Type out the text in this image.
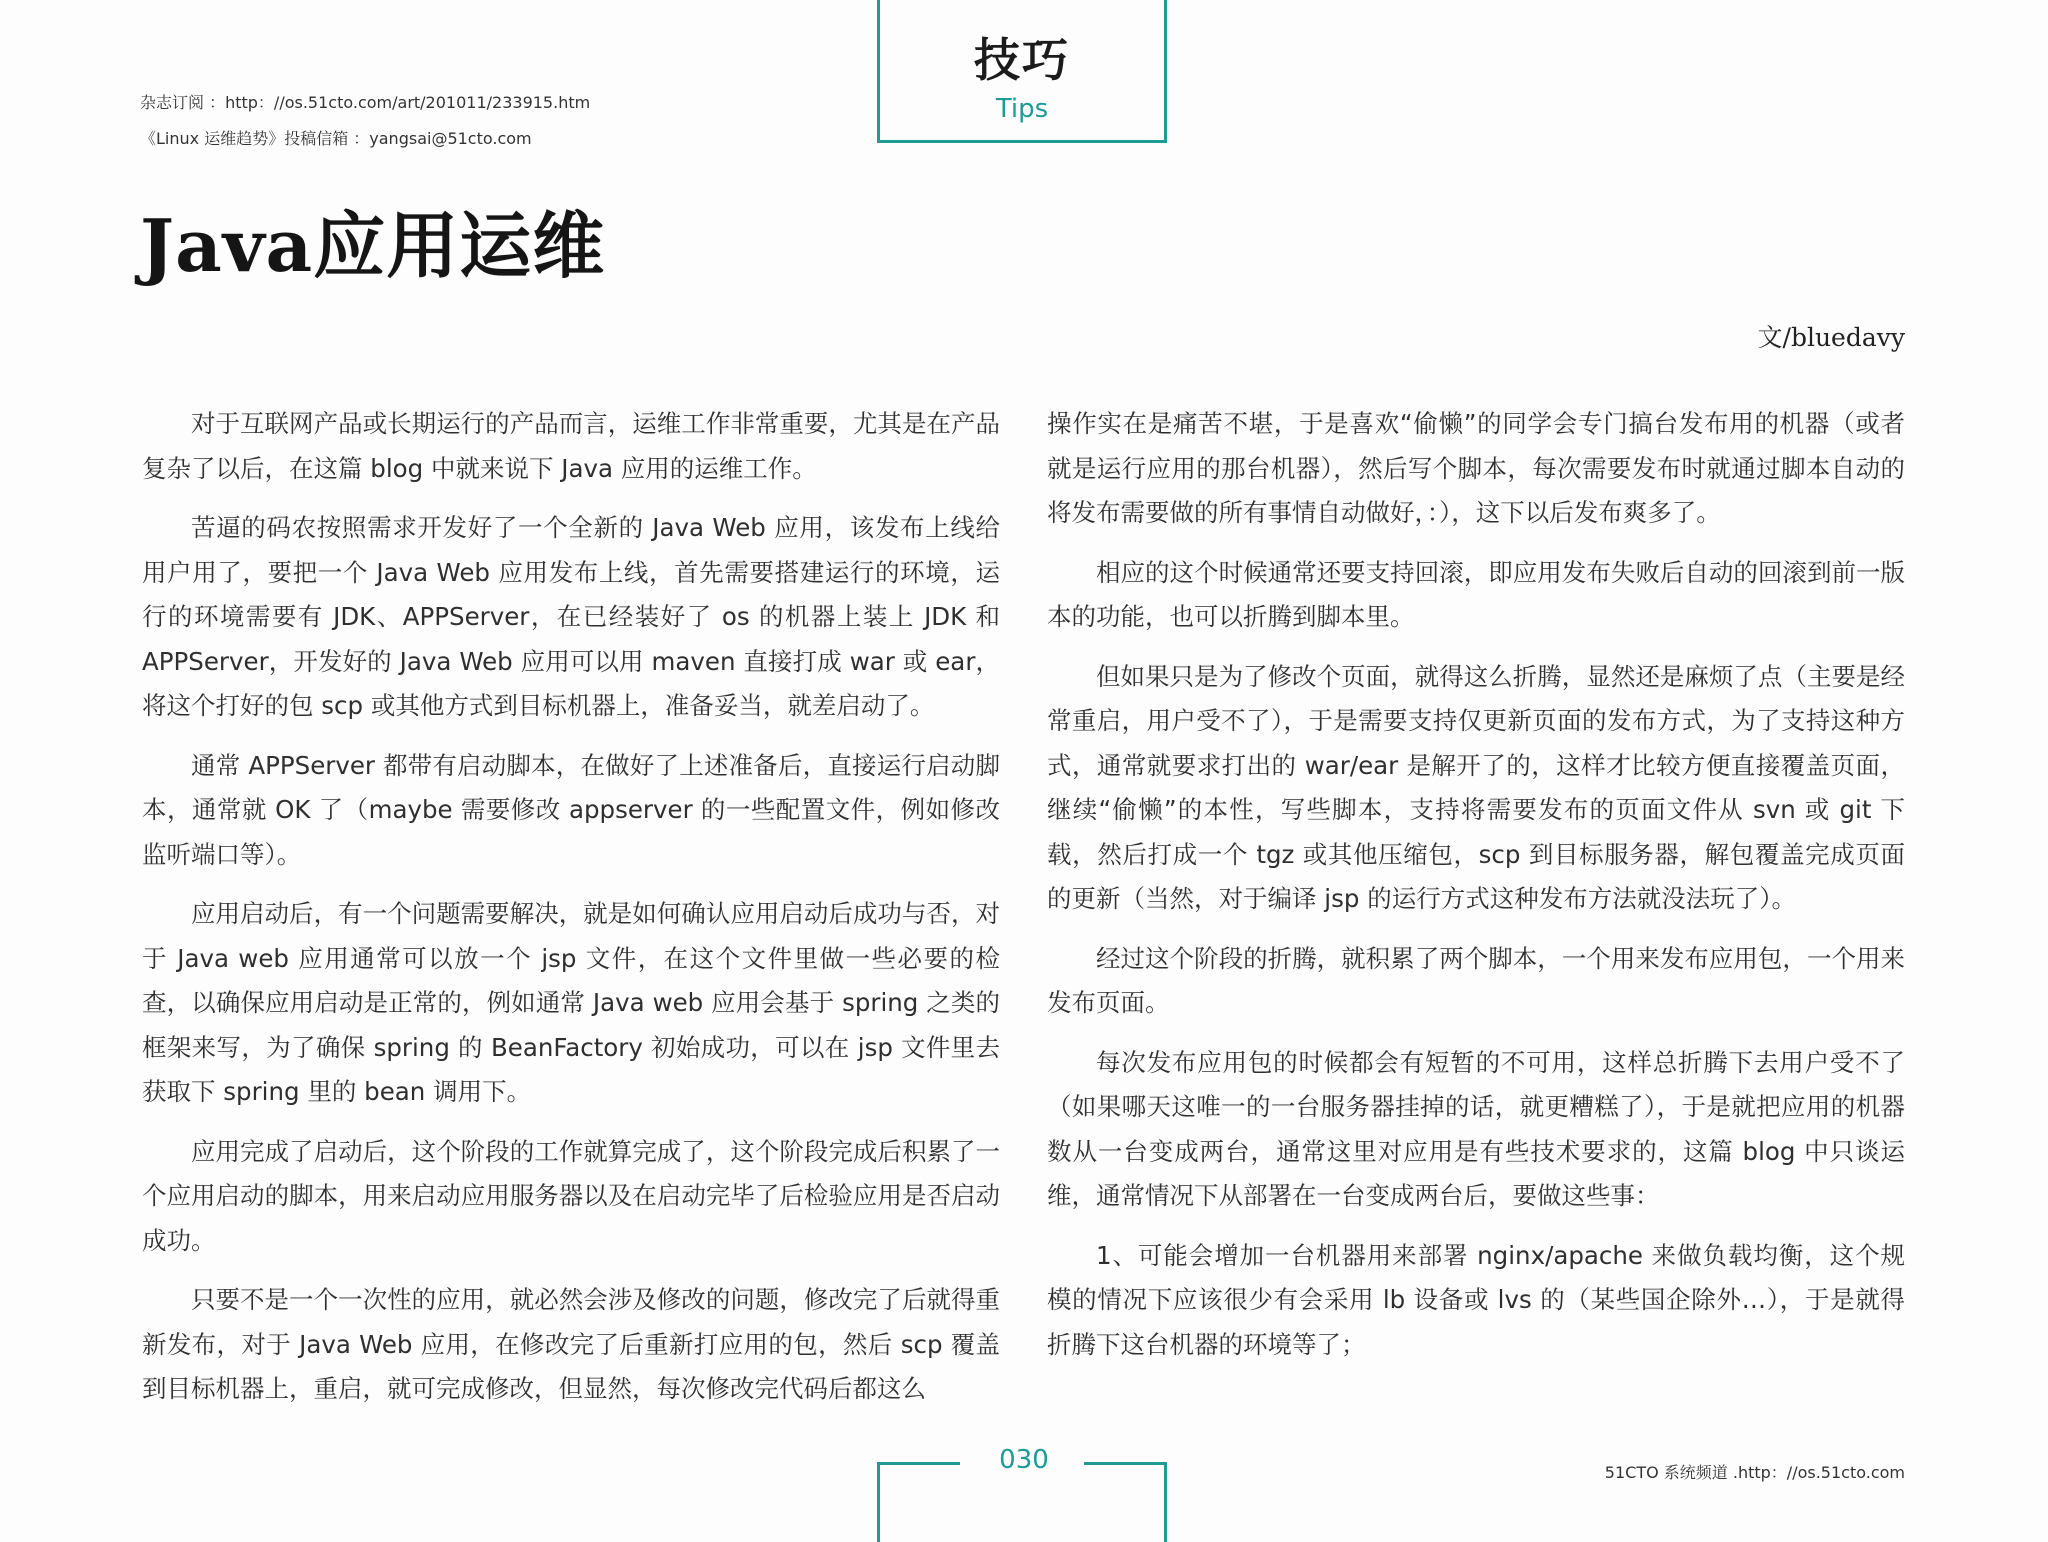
技巧
Tips
杂志订阅 ：http：//os.51cto.com/art/201011/233915.htm
《Linux 运维趋势》投稿信箱 ：yangsai@51cto.com
Java应用运维
文/bluedavy

对于互联网产品或长期运行的产品而言，运维工作非常重要，尤其是在产品复杂了以后，在这篇 blog 中就来说下 Java 应用的运维工作。

苦逼的码农按照需求开发好了一个全新的 Java Web 应用，该发布上线给用户用了，要把一个 Java Web 应用发布上线，首先需要搭建运行的环境，运行的环境需要有 JDK、APPServer，在已经装好了 os 的机器上装上 JDK 和 APPServer，开发好的 Java Web 应用可以用 maven 直接打成 war 或 ear，将这个打好的包 scp 或其他方式到目标机器上，准备妥当，就差启动了。

通常 APPServer 都带有启动脚本，在做好了上述准备后，直接运行启动脚本，通常就 OK 了（maybe 需要修改 appserver 的一些配置文件，例如修改监听端口等）。

应用启动后，有一个问题需要解决，就是如何确认应用启动后成功与否，对于 Java web 应用通常可以放一个 jsp 文件，在这个文件里做一些必要的检查，以确保应用启动是正常的，例如通常 Java web 应用会基于 spring 之类的框架来写，为了确保 spring 的 BeanFactory 初始成功，可以在 jsp 文件里去获取下 spring 里的 bean 调用下。

应用完成了启动后，这个阶段的工作就算完成了，这个阶段完成后积累了一个应用启动的脚本，用来启动应用服务器以及在启动完毕了后检验应用是否启动成功。

只要不是一个一次性的应用，就必然会涉及修改的问题，修改完了后就得重新发布，对于 Java Web 应用，在修改完了后重新打应用的包，然后 scp 覆盖到目标机器上，重启，就可完成修改，但显然，每次修改完代码后都这么

操作实在是痛苦不堪，于是喜欢“偷懒”的同学会专门搞台发布用的机器（或者就是运行应用的那台机器），然后写个脚本，每次需要发布时就通过脚本自动的将发布需要做的所有事情自动做好，：），这下以后发布爽多了。

相应的这个时候通常还要支持回滚，即应用发布失败后自动的回滚到前一版本的功能，也可以折腾到脚本里。

但如果只是为了修改个页面，就得这么折腾，显然还是麻烦了点（主要是经常重启，用户受不了），于是需要支持仅更新页面的发布方式，为了支持这种方式，通常就要求打出的 war/ear 是解开了的，这样才比较方便直接覆盖页面，继续“偷懒”的本性，写些脚本，支持将需要发布的页面文件从 svn 或 git 下载，然后打成一个 tgz 或其他压缩包，scp 到目标服务器，解包覆盖完成页面的更新（当然，对于编译 jsp 的运行方式这种发布方法就没法玩了）。

经过这个阶段的折腾，就积累了两个脚本，一个用来发布应用包，一个用来发布页面。

每次发布应用包的时候都会有短暂的不可用，这样总折腾下去用户受不了（如果哪天这唯一的一台服务器挂掉的话，就更糟糕了），于是就把应用的机器数从一台变成两台，通常这里对应用是有些技术要求的，这篇 blog 中只谈运维，通常情况下从部署在一台变成两台后，要做这些事：

1、可能会增加一台机器用来部署 nginx/apache 来做负载均衡，这个规模的情况下应该很少有会采用 lb 设备或 lvs 的（某些国企除外…），于是就得折腾下这台机器的环境等了；

030	51CTO 系统频道 .http：//os.51cto.com
